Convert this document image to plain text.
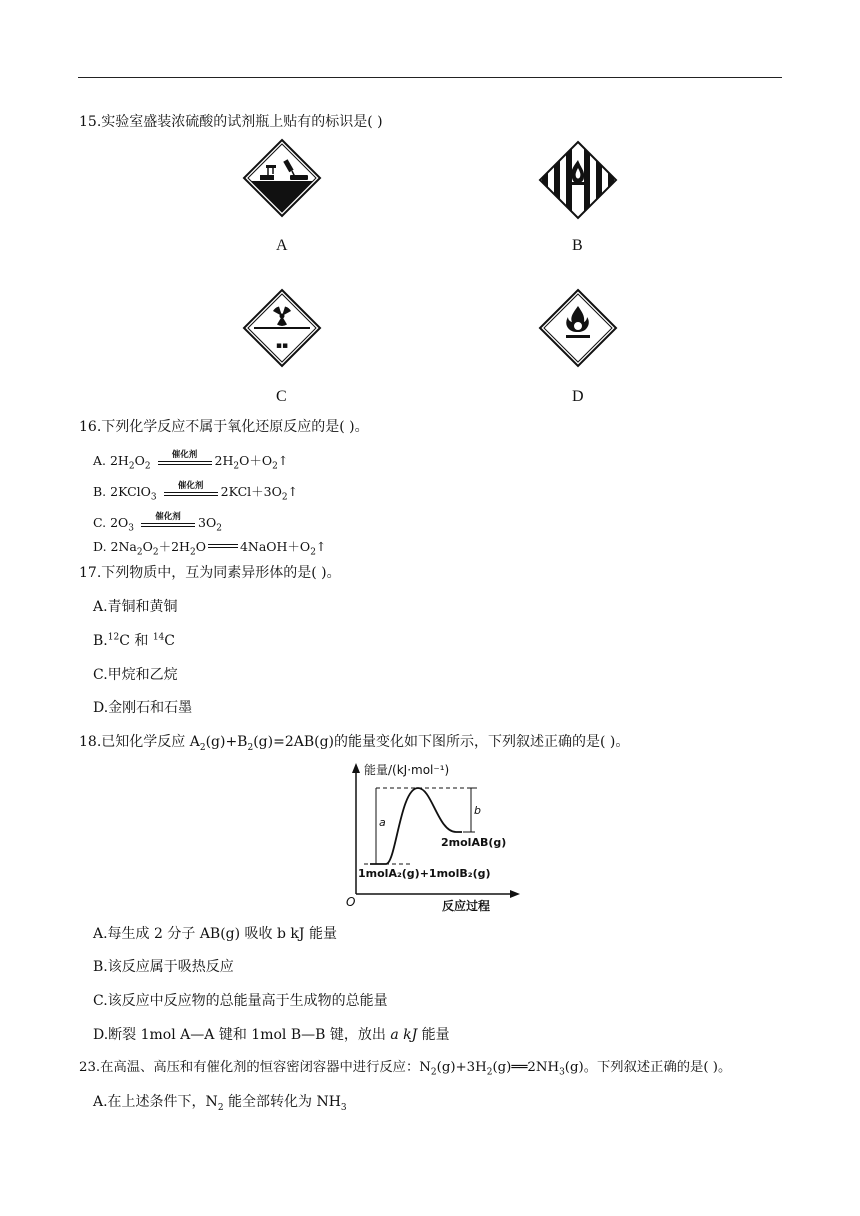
15.实验室盛装浓硫酸的试剂瓶上贴有的标识是( )
A	B
▪▪
C	D
16.下列化学反应不属于氧化还原反应的是( )。
A. $2H_2O_2$
催化剂	$2H_2O+O_2↑$
B. 2KClO$_3$
催化剂	$2KCl+3O_2↑$
C. $2O_3$
催化剂	$3O_2$
D. $2Na_2O_2+2H_2O$	$4NaOH+O_2↑$
17.下列物质中，互为同素异形体的是( )。
A.青铜和黄铜
B.$^{12}$C 和 $^{14}$C
C.甲烷和乙烷
D.金刚石和石墨
18.已知化学反应 $A_2(g)+B_2(g)=2AB(g)$的能量变化如下图所示，下列叙述正确的是( )。
能量/(kJ·mol⁻¹)
反应过程
O
a
b
2molAB(g)
1molA₂(g)+1molB₂(g)
A.每生成 2 分子 AB(g) 吸收 b kJ 能量
B.该反应属于吸热反应
C.该反应中反应物的总能量高于生成物的总能量
D.断裂 1mol A—A 键和 1mol B—B 键，放出 a kJ 能量
23.在高温、高压和有催化剂的恒容密闭容器中进行反应：$N_2(g)+3H_2(g)══2NH_3(g)$。下列叙述正确的是( )。
A.在上述条件下，$N_2$ 能全部转化为 $NH_3$
